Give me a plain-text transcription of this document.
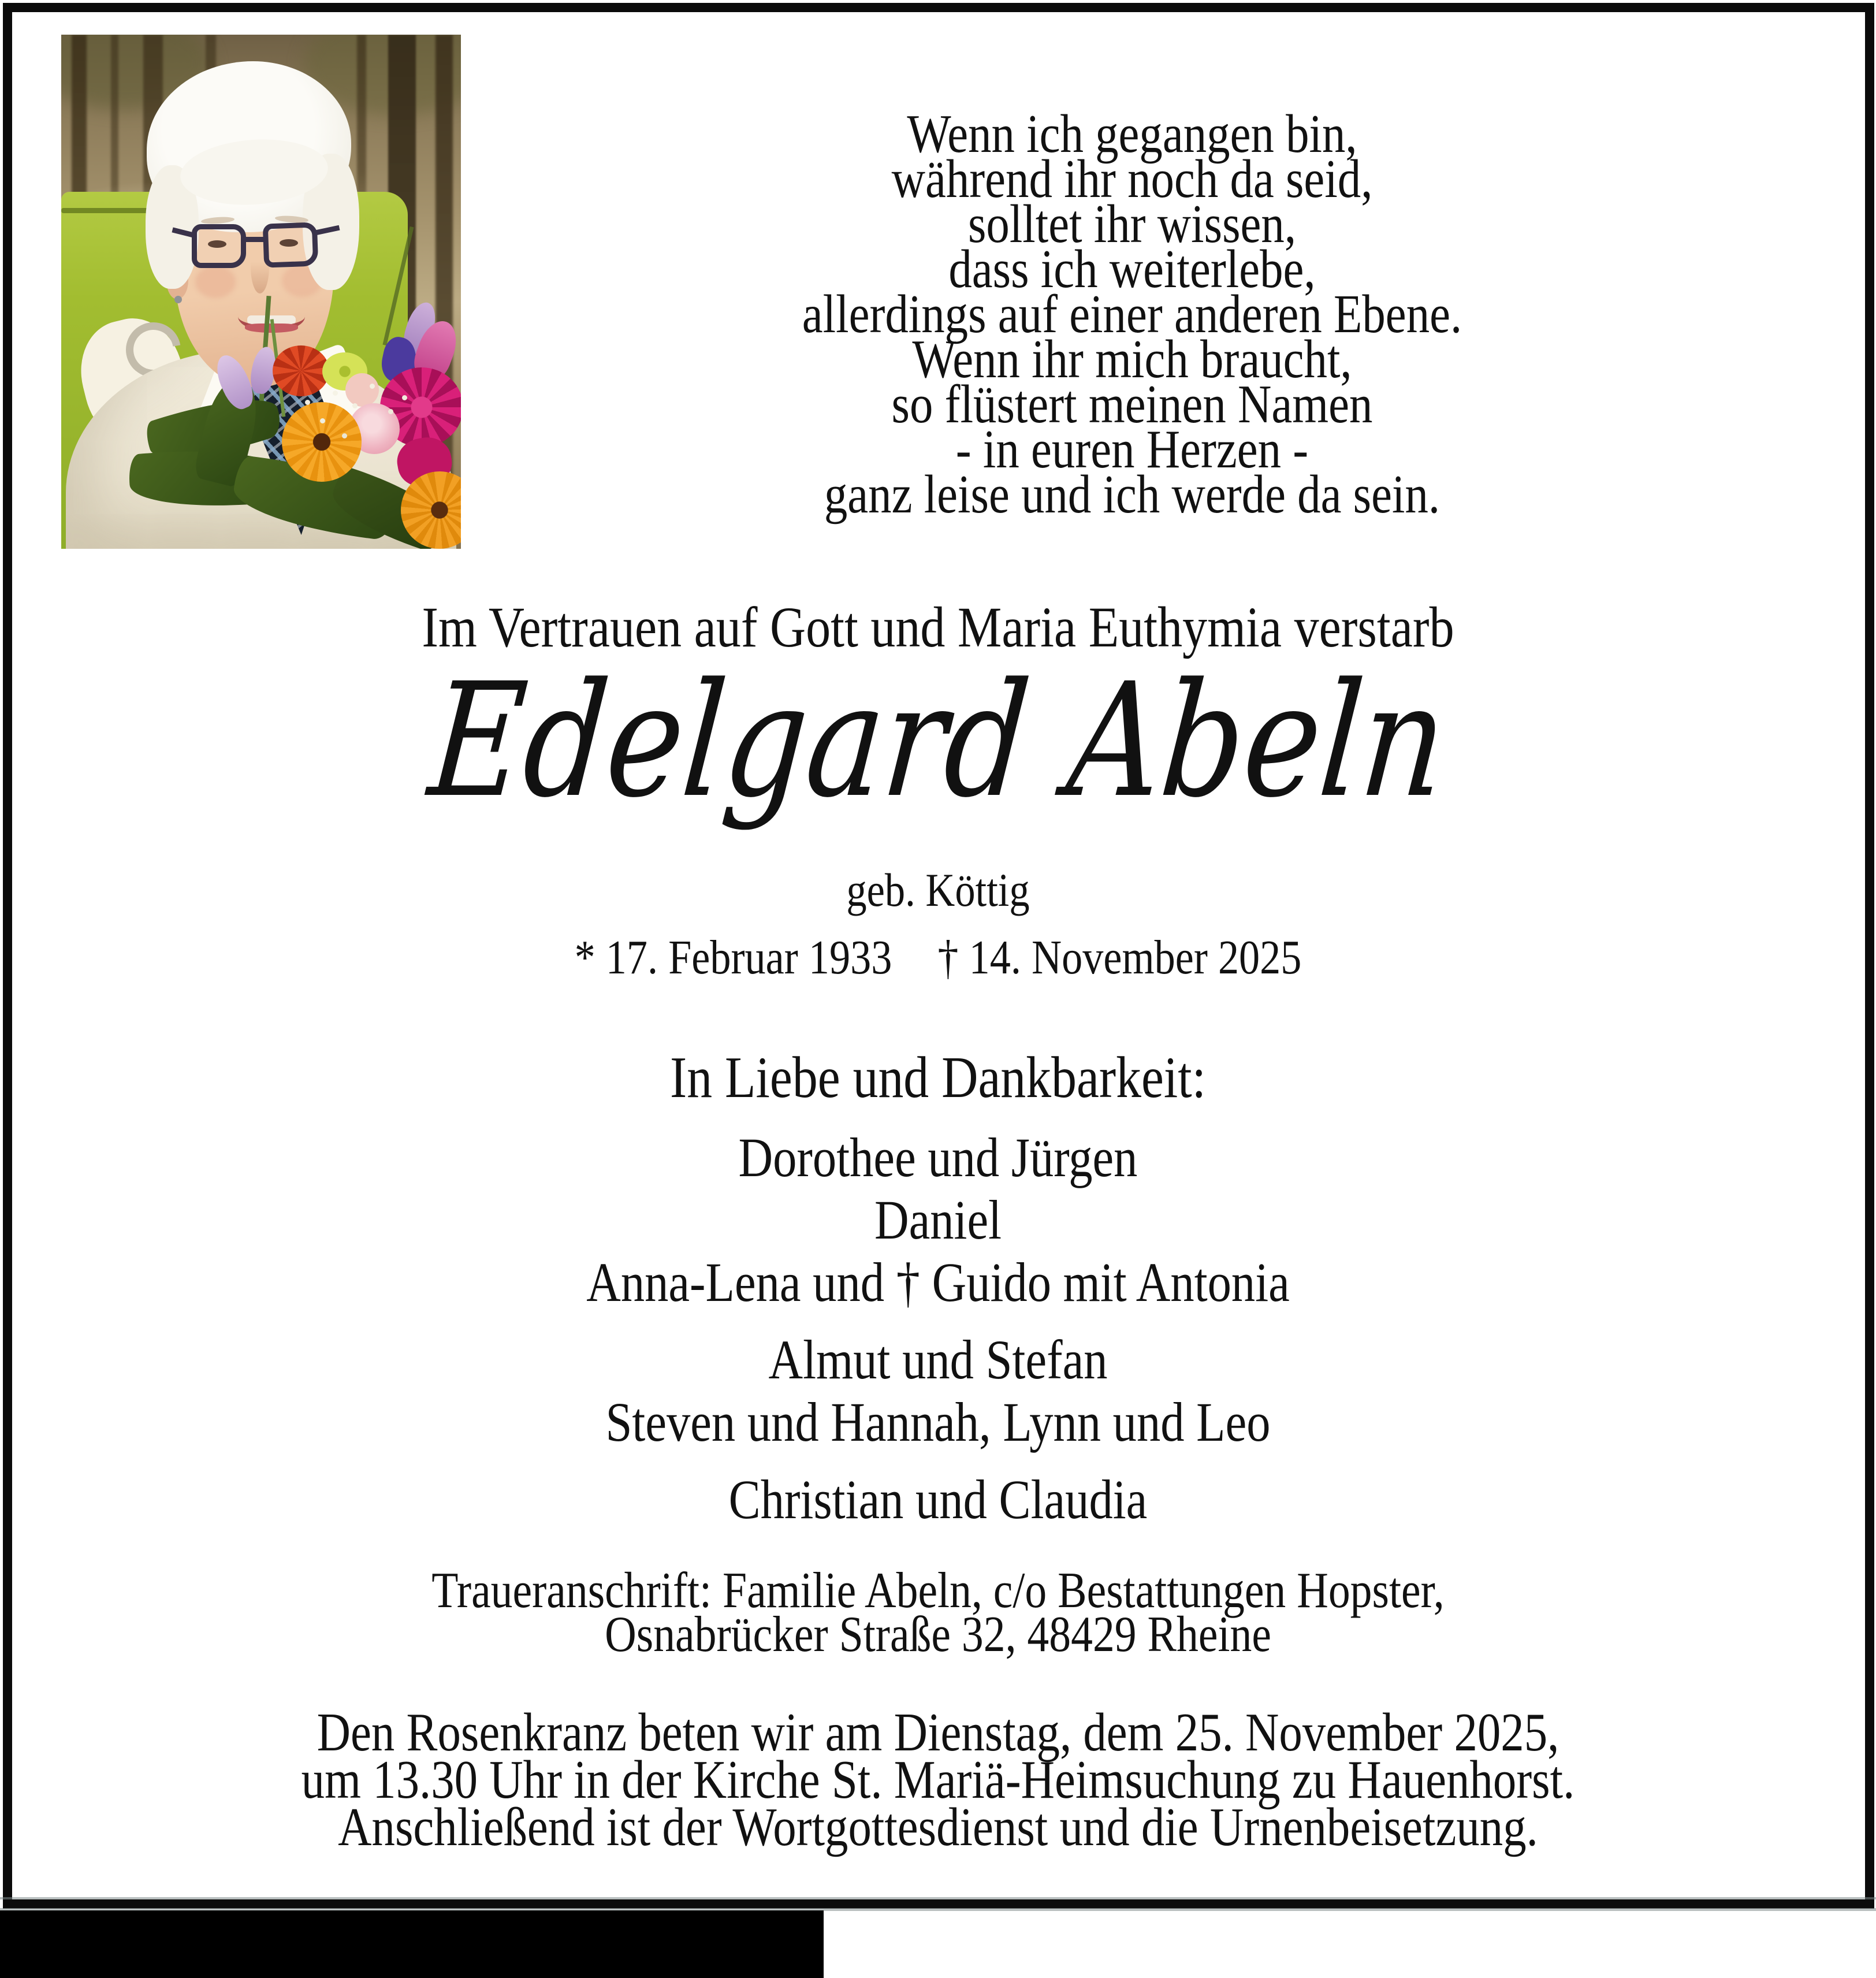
Wenn ich gegangen bin,
während ihr noch da seid,
solltet ihr wissen,
dass ich weiterlebe,
allerdings auf einer anderen Ebene.
Wenn ihr mich braucht,
so flüstert meinen Namen
- in euren Herzen -
ganz leise und ich werde da sein.
Im Vertrauen auf Gott und Maria Euthymia verstarb
Edelgard Abeln
geb. Köttig
* 17. Februar 1933 † 14. November 2025
In Liebe und Dankbarkeit:
Dorothee und Jürgen
Daniel
Anna-Lena und † Guido mit Antonia
Almut und Stefan
Steven und Hannah, Lynn und Leo
Christian und Claudia
Traueranschrift: Familie Abeln, c/o Bestattungen Hopster,
Osnabrücker Straße 32, 48429 Rheine
Den Rosenkranz beten wir am Dienstag, dem 25. November 2025,
um 13.30 Uhr in der Kirche St. Mariä-Heimsuchung zu Hauenhorst.
Anschließend ist der Wortgottesdienst und die Urnenbeisetzung.
